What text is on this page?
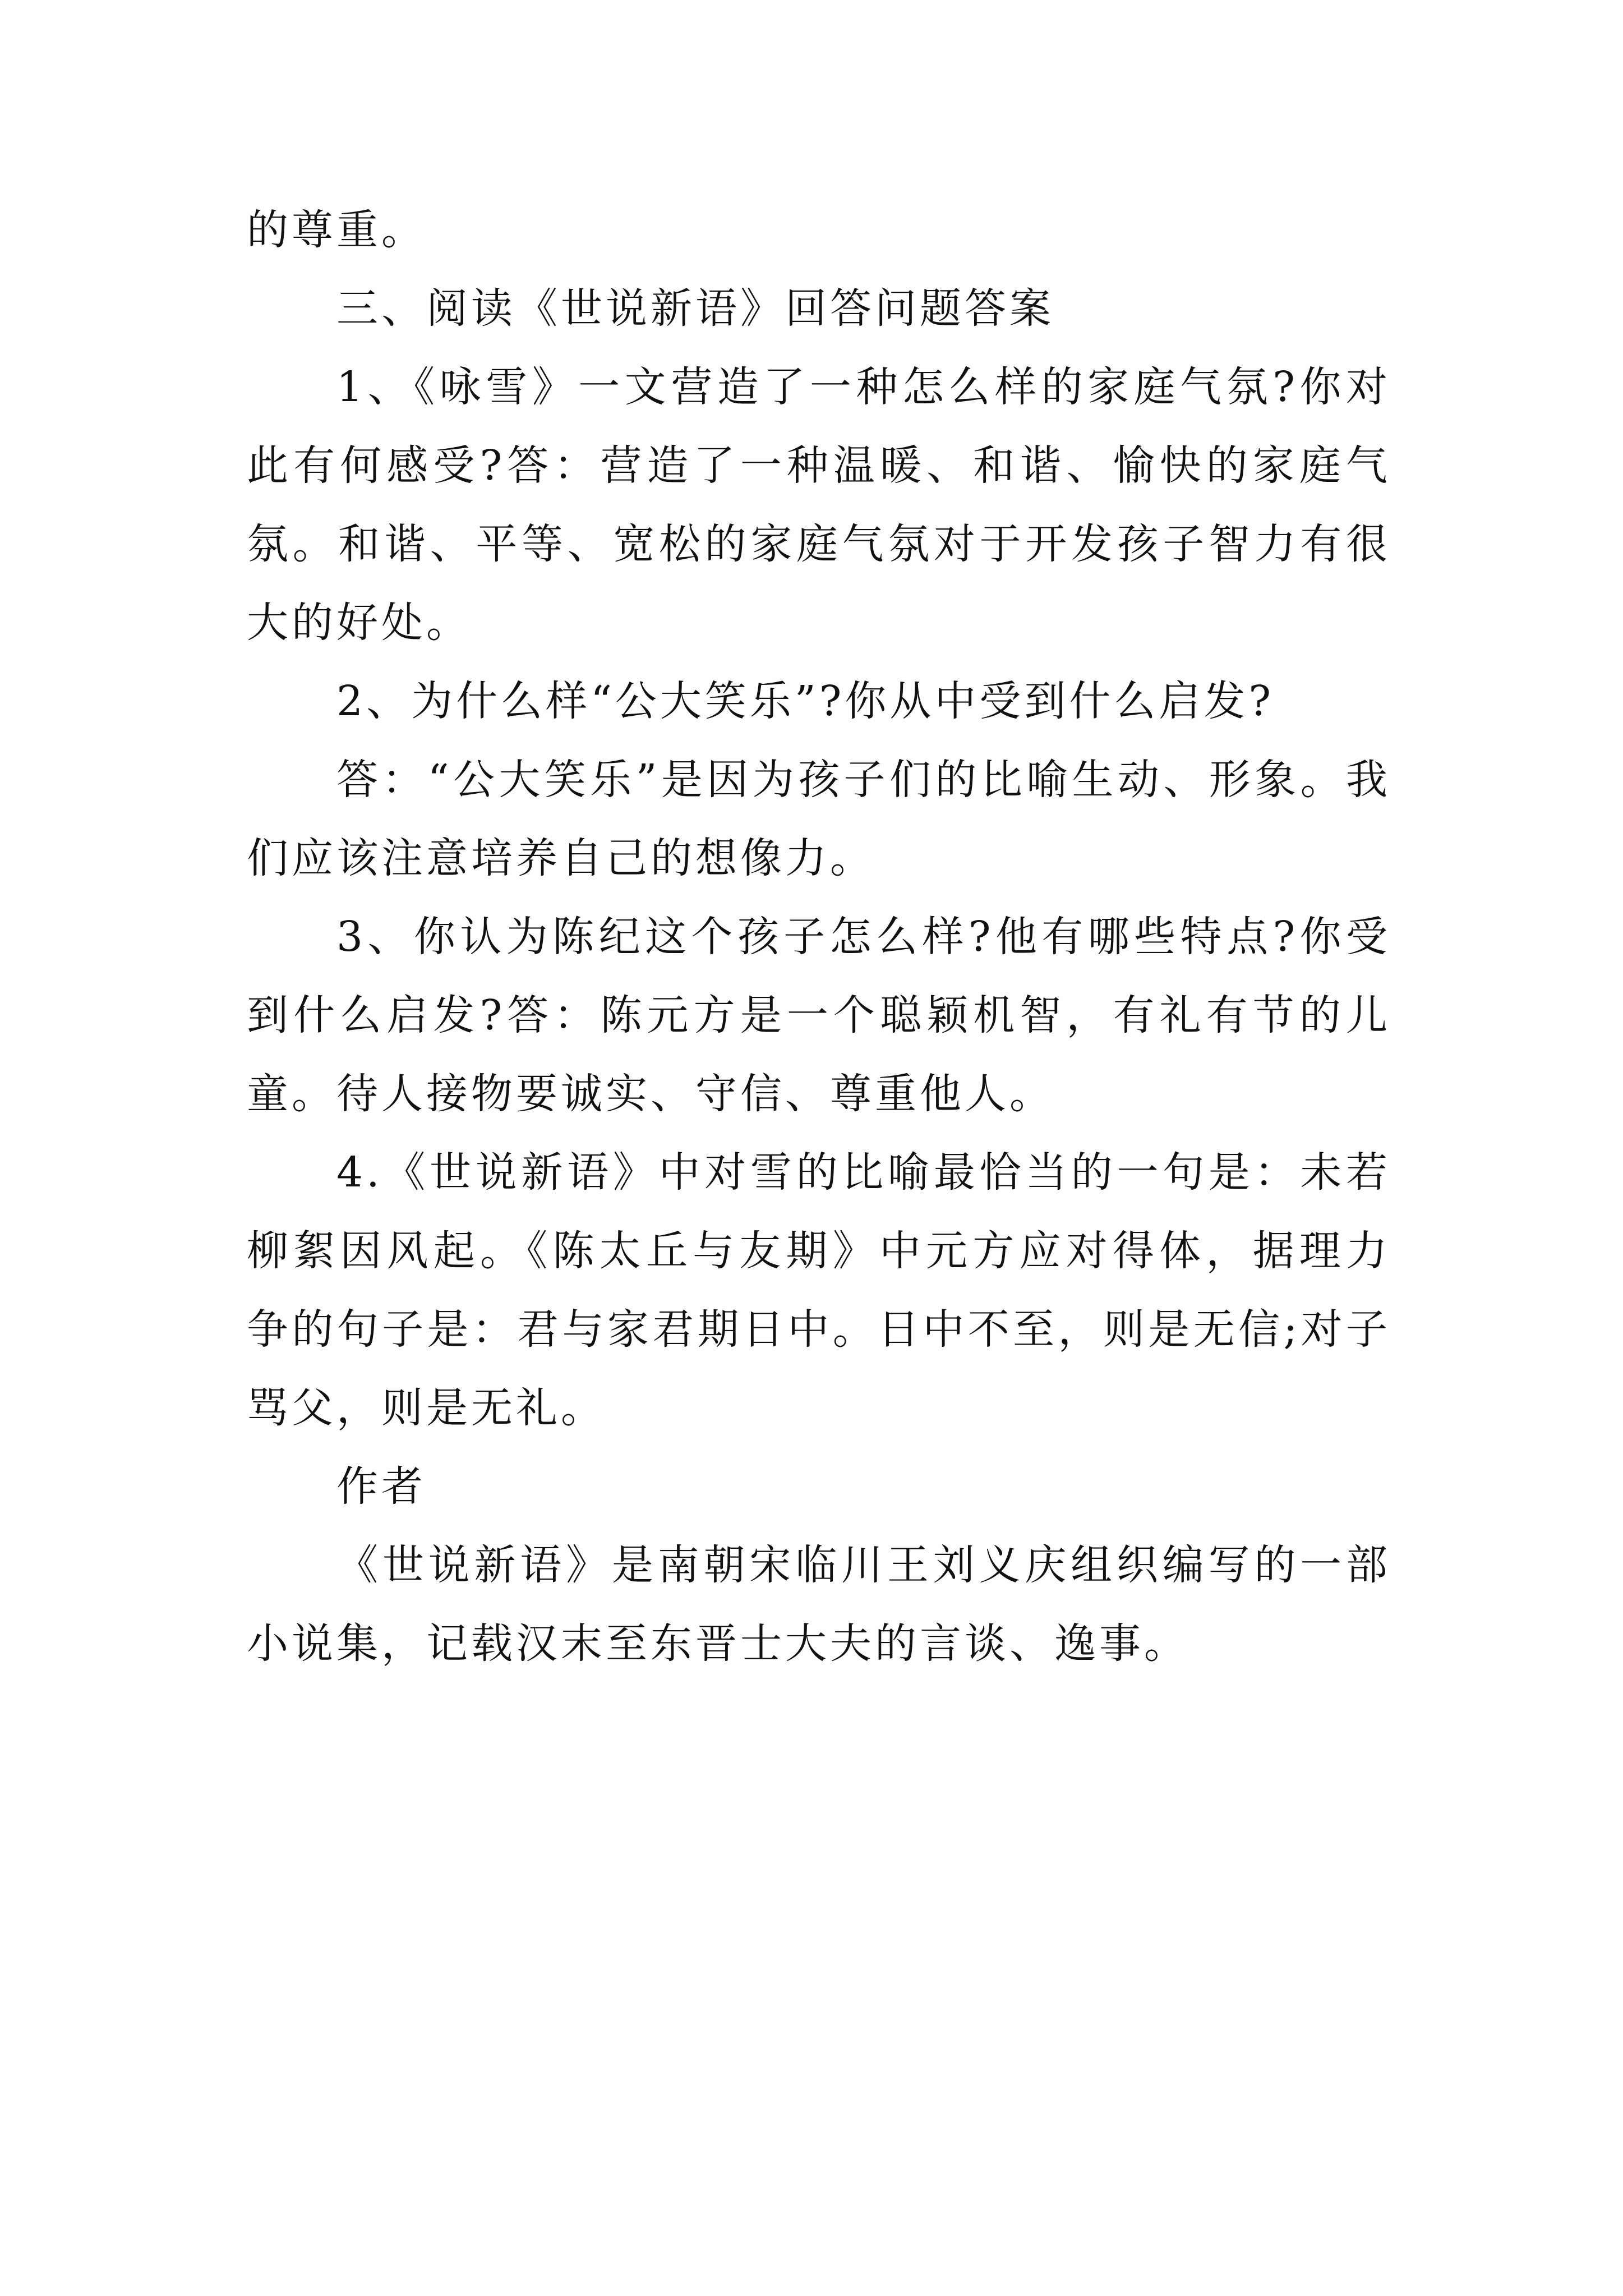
的尊重。

三、阅读《世说新语》回答问题答案

1、《咏雪》一文营造了一种怎么样的家庭气氛?你对此有何感受?答：营造了一种温暖、和谐、愉快的家庭气氛。和谐、平等、宽松的家庭气氛对于开发孩子智力有很大的好处。

2、为什么样“公大笑乐”?你从中受到什么启发?

答：“公大笑乐”是因为孩子们的比喻生动、形象。我们应该注意培养自己的想像力。

3、你认为陈纪这个孩子怎么样?他有哪些特点?你受到什么启发?答：陈元方是一个聪颖机智，有礼有节的儿童。待人接物要诚实、守信、尊重他人。

4.《世说新语》中对雪的比喻最恰当的一句是：未若柳絮因风起。《陈太丘与友期》中元方应对得体，据理力争的句子是：君与家君期日中。日中不至，则是无信;对子骂父，则是无礼。

作者

《世说新语》是南朝宋临川王刘义庆组织编写的一部小说集，记载汉末至东晋士大夫的言谈、逸事。
